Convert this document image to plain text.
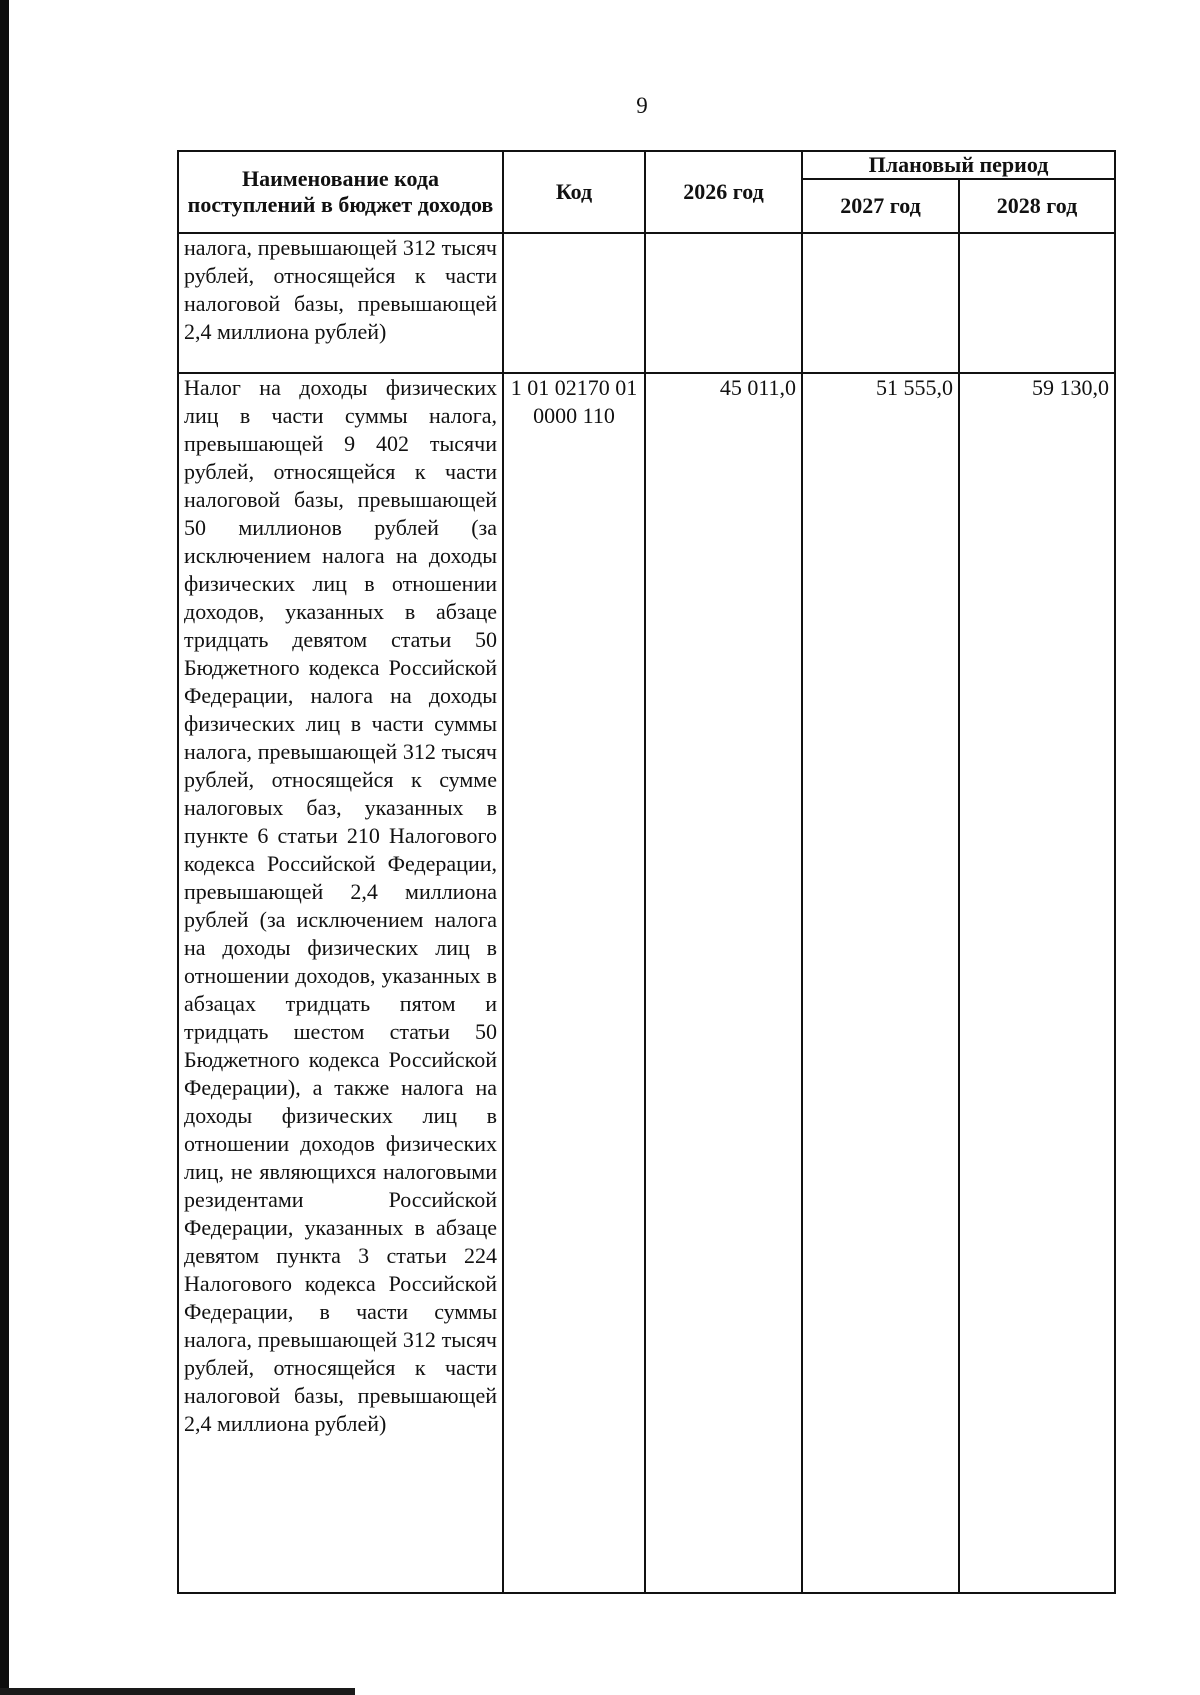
9
Наименование кода поступлений в бюджет доходов	Код	2026 год	Плановый период	
			2027 год	2028 год
налога, превышающей 312 тысяч рублей, относящейся к части налоговой базы, превышающей 2,4 миллиона рублей)				
Налог на доходы физических лиц в части суммы налога, превышающей 9 402 тысячи рублей, относящейся к части налоговой базы, превышающей 50 миллионов рублей (за исключением налога на доходы физических лиц в отношении доходов, указанных в абзаце тридцать девятом статьи 50 Бюджетного кодекса Российской Федерации, налога на доходы физических лиц в части суммы налога, превышающей 312 тысяч рублей, относящейся к сумме налоговых баз, указанных в пункте 6 статьи 210 Налогового кодекса Российской Федерации, превышающей 2,4 миллиона рублей (за исключением налога на доходы физических лиц в отношении доходов, указанных в абзацах тридцать пятом и тридцать шестом статьи 50 Бюджетного кодекса Российской Федерации), а также налога на доходы физических лиц в отношении доходов физических лиц, не являющихся налоговыми резидентами Российской Федерации, указанных в абзаце девятом пункта 3 статьи 224 Налогового кодекса Российской Федерации, в части суммы налога, превышающей 312 тысяч рублей, относящейся к части налоговой базы, превышающей 2,4 миллиона рублей)	1 01 02170 01 0000 110	45 011,0	51 555,0	59 130,0
